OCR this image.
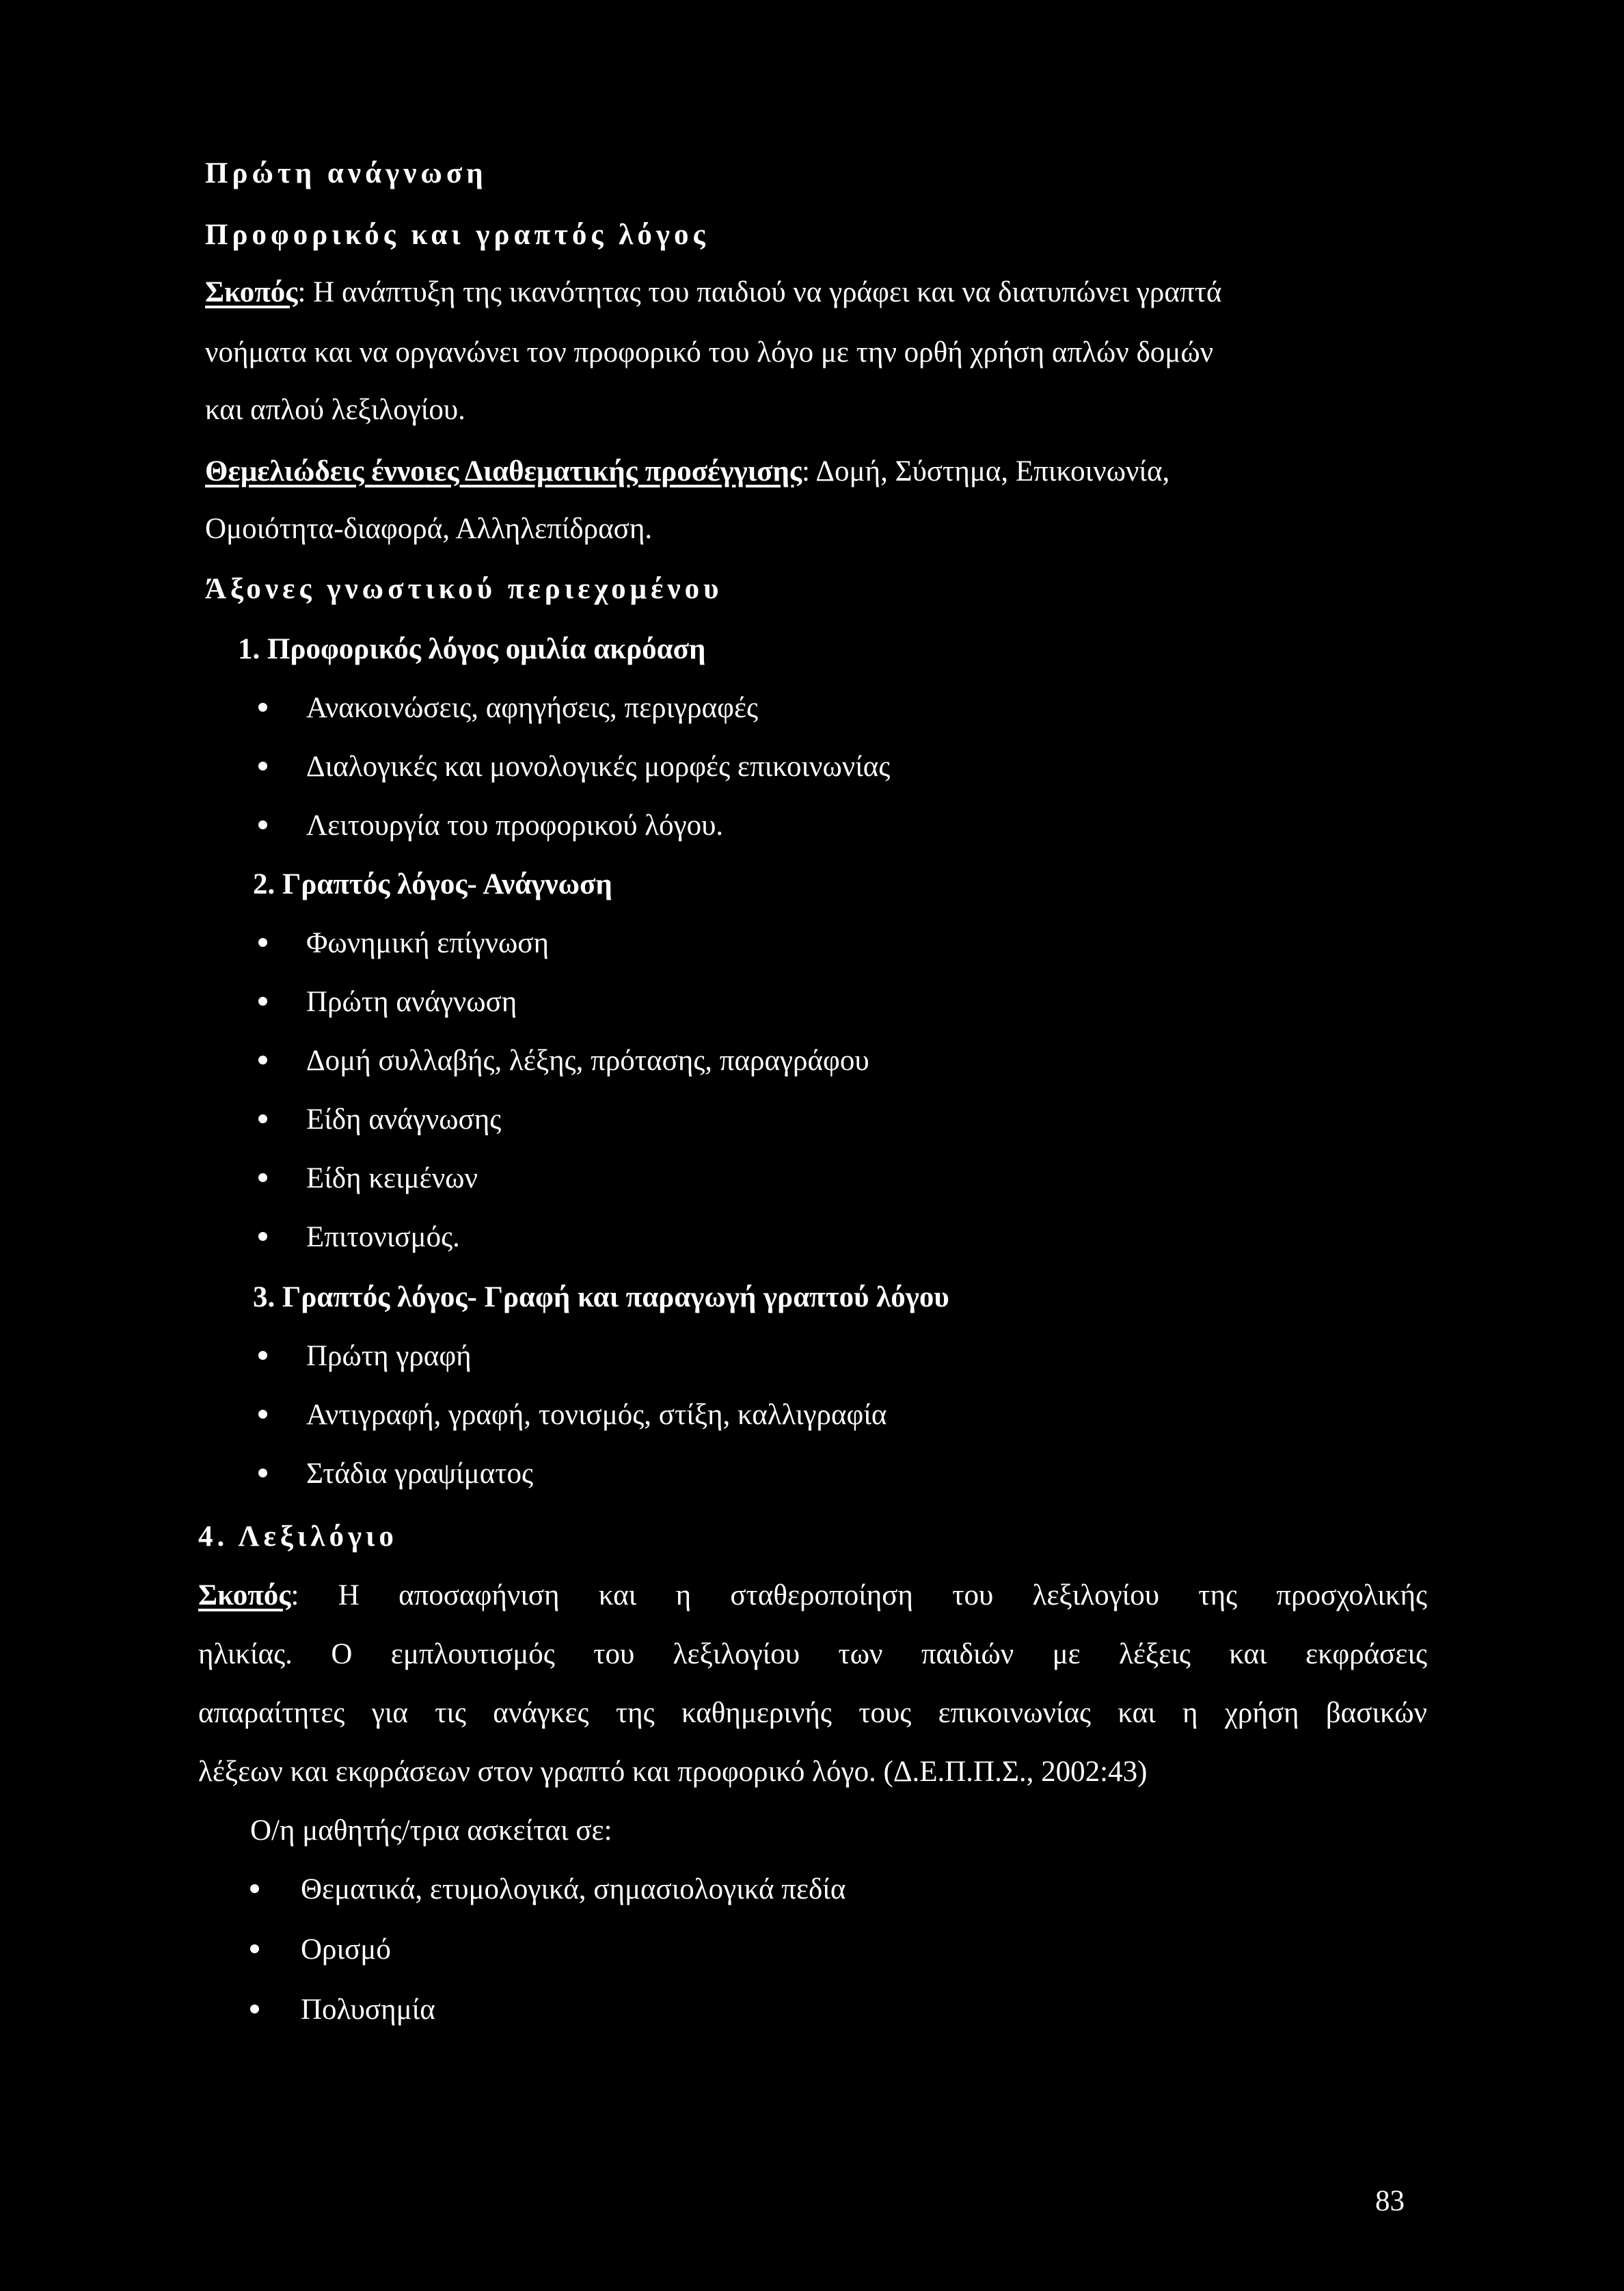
Πρώτη ανάγνωση
Προφορικός και γραπτός λόγος
Σκοπός: Η ανάπτυξη της ικανότητας του παιδιού να γράφει και να διατυπώνει γραπτά
νοήματα και να οργανώνει τον προφορικό του λόγο με την ορθή χρήση απλών δομών
και απλού λεξιλογίου.
Θεμελιώδεις έννοιες Διαθεματικής προσέγγισης: Δομή, Σύστημα, Επικοινωνία,
Ομοιότητα-διαφορά, Αλληλεπίδραση.
Άξονες γνωστικού περιεχομένου
1. Προφορικός λόγος ομιλία ακρόαση
Ανακοινώσεις, αφηγήσεις, περιγραφές
Διαλογικές και μονολογικές μορφές επικοινωνίας
Λειτουργία του προφορικού λόγου.
2. Γραπτός λόγος- Ανάγνωση
Φωνημική επίγνωση
Πρώτη ανάγνωση
Δομή συλλαβής, λέξης, πρότασης, παραγράφου
Είδη ανάγνωσης
Είδη κειμένων
Επιτονισμός.
3. Γραπτός λόγος- Γραφή και παραγωγή γραπτού λόγου
Πρώτη γραφή
Αντιγραφή, γραφή, τονισμός, στίξη, καλλιγραφία
Στάδια γραψίματος
4. Λεξιλόγιο
Σκοπός: Η αποσαφήνιση και η σταθεροποίηση του λεξιλογίου της προσχολικής
ηλικίας. Ο εμπλουτισμός του λεξιλογίου των παιδιών με λέξεις και εκφράσεις
απαραίτητες για τις ανάγκες της καθημερινής τους επικοινωνίας και η χρήση βασικών
λέξεων και εκφράσεων στον γραπτό και προφορικό λόγο. (Δ.Ε.Π.Π.Σ., 2002:43)
Ο/η μαθητής/τρια ασκείται σε:
Θεματικά, ετυμολογικά, σημασιολογικά πεδία
Ορισμό
Πολυσημία
83
